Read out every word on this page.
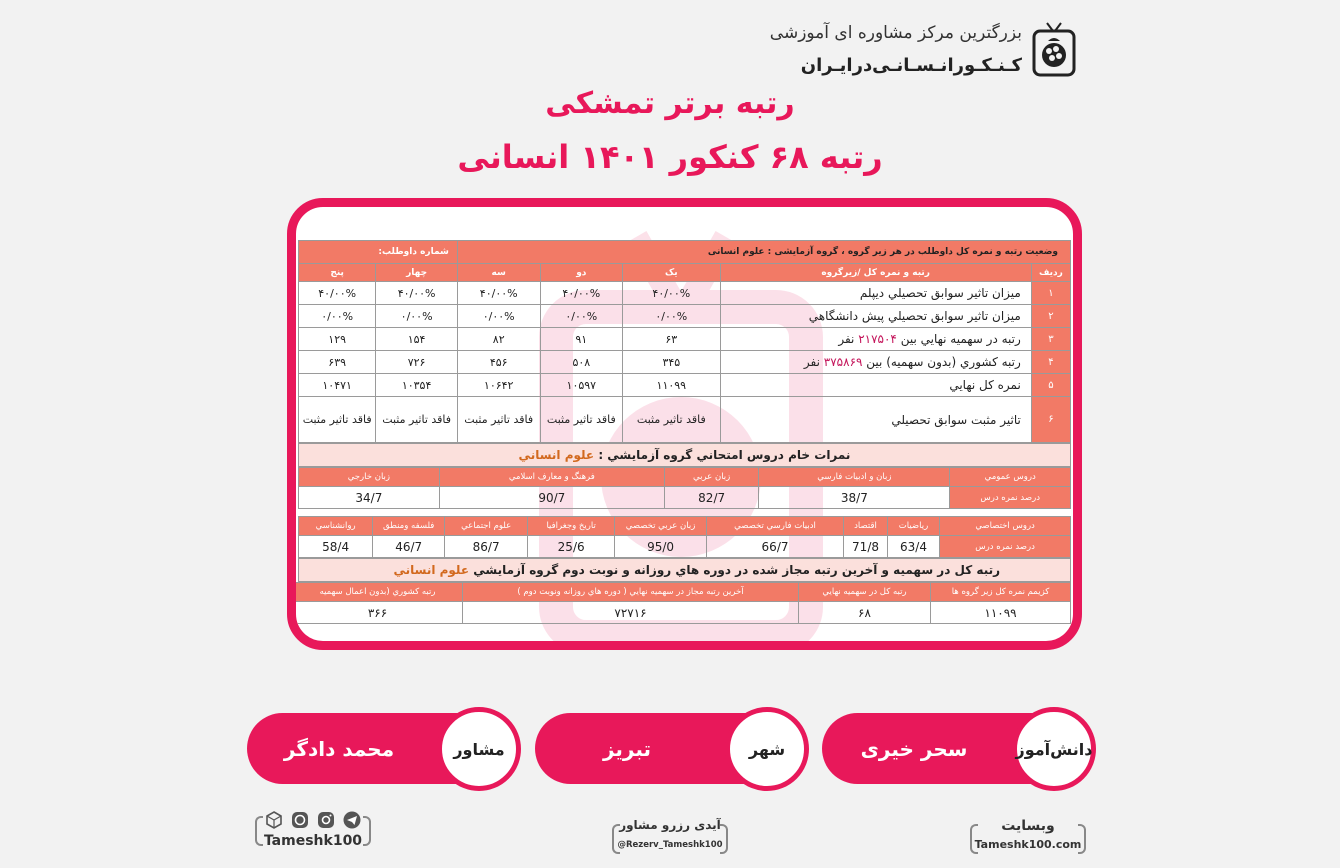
بزرگترین مرکز مشاوره ای آموزشی
کـنـکـورانـسـانـی‌درایـران
رتبه برتر تمشکی
رتبه ۶۸ کنکور ۱۴۰۱ انسانی
وضعیت رتبه و نمره کل داوطلب در هر زیر گروه ، گروه آزمایشی : علوم انسانی					شماره داوطلب:	
رديف	رتبه و نمره كل /زيرگروه	يک	دو	سه	چهار	پنج
۱	ميزان تاثير سوابق تحصيلي ديپلم	۴۰/۰۰%	۴۰/۰۰%	۴۰/۰۰%	۴۰/۰۰%	۴۰/۰۰%
۲	ميزان تاثير سوابق تحصيلي پيش دانشگاهي	۰/۰۰%	۰/۰۰%	۰/۰۰%	۰/۰۰%	۰/۰۰%
۳	رتبه در سهميه نهايي بين ۲۱۷۵۰۴ نفر	۶۳	۹۱	۸۲	۱۵۴	۱۲۹
۴	رتبه كشوري (بدون سهميه) بين ۳۷۵۸۶۹ نفر	۳۴۵	۵۰۸	۴۵۶	۷۲۶	۶۳۹
۵	نمره كل نهايي	۱۱۰۹۹	۱۰۵۹۷	۱۰۶۴۲	۱۰۳۵۴	۱۰۴۷۱
۶	تاثير مثبت سوابق تحصيلي	فاقد تاثير مثبت	فاقد تاثير مثبت	فاقد تاثير مثبت	فاقد تاثير مثبت	فاقد تاثير مثبت
نمرات خام دروس امتحاني گروه آزمايشي : علوم انساني
دروس عمومي	زبان و ادبيات فارسي	زبان عربي	فرهنگ و معارف اسلامي	زبان خارجي
درصد نمره درس	38/7	82/7	90/7	34/7
دروس اختصاصي	رياضيات	اقتصاد	ادبيات فارسي تخصصي	زبان عربي تخصصي	تاريخ وجغرافيا	علوم اجتماعي	فلسفه ومنطق	روانشناسي
درصد نمره درس	63/4	71/8	66/7	95/0	25/6	86/7	46/7	58/4
رتبه كل در سهميه و آخرين رتبه مجاز شده در دوره هاي روزانه و نوبت دوم گروه آزمايشي علوم انساني
كزيمم نمره كل زير گروه ها	رتبه كل در سهميه نهايي	آخرين رتبه مجاز در سهميه نهايي ( دوره هاي روزانه ونوبت دوم )	رتبه كشوري (بدون اعمال سهميه
۱۱۰۹۹	۶۸	۷۲۷۱۶	۳۶۶
دانش‌آموز
سحر خیری
شهر
تبریز
مشاور
محمد دادگر
وبسایت
Tameshk100.com
آیدی رزرو مشاور
@Rezerv_Tameshk100
Tameshk100
